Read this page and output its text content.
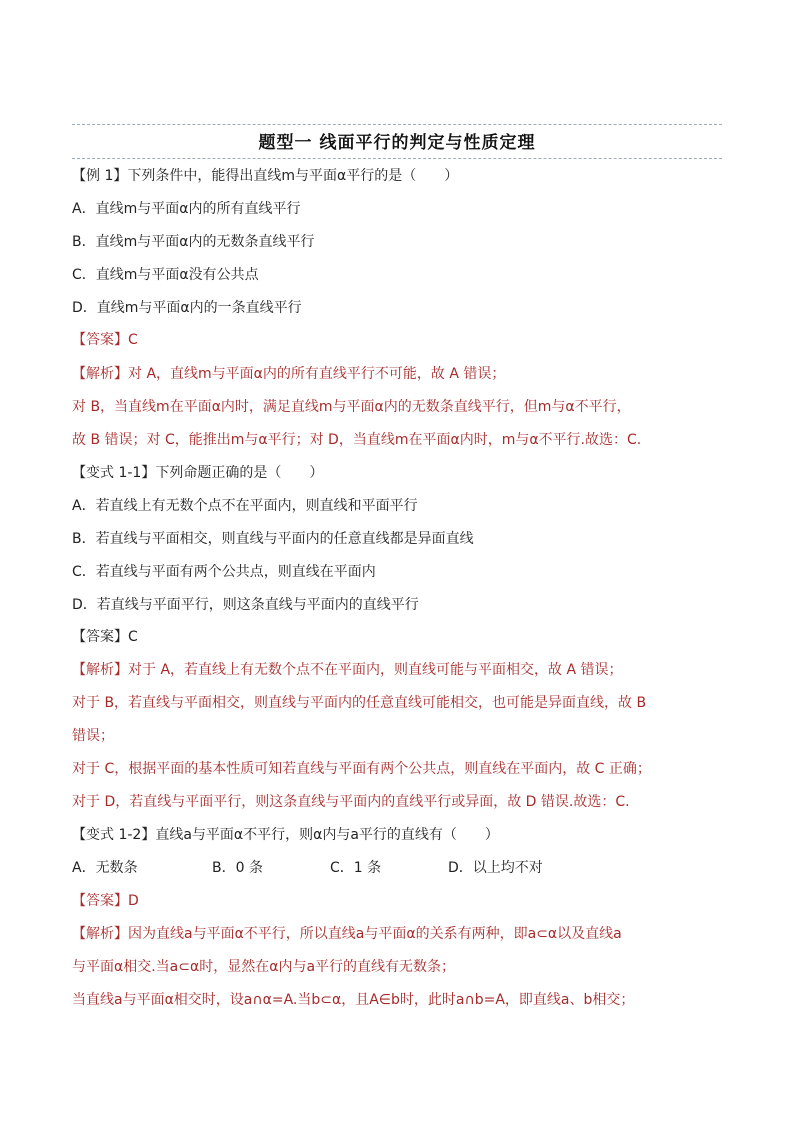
题型一 线面平行的判定与性质定理
【例 1】下列条件中，能得出直线m与平面α平行的是（　　）
A．直线m与平面α内的所有直线平行
B．直线m与平面α内的无数条直线平行
C．直线m与平面α没有公共点
D．直线m与平面α内的一条直线平行
【答案】C
【解析】对 A，直线m与平面α内的所有直线平行不可能，故 A 错误；
对 B，当直线m在平面α内时，满足直线m与平面α内的无数条直线平行，但m与α不平行，
故 B 错误；对 C，能推出m与α平行；对 D，当直线m在平面α内时，m与α不平行.故选：C.
【变式 1-1】下列命题正确的是（　　）
A．若直线上有无数个点不在平面内，则直线和平面平行
B．若直线与平面相交，则直线与平面内的任意直线都是异面直线
C．若直线与平面有两个公共点，则直线在平面内
D．若直线与平面平行，则这条直线与平面内的直线平行
【答案】C
【解析】对于 A，若直线上有无数个点不在平面内，则直线可能与平面相交，故 A 错误；
对于 B，若直线与平面相交，则直线与平面内的任意直线可能相交，也可能是异面直线，故 B
错误；
对于 C，根据平面的基本性质可知若直线与平面有两个公共点，则直线在平面内，故 C 正确；
对于 D，若直线与平面平行，则这条直线与平面内的直线平行或异面，故 D 错误.故选：C.
【变式 1-2】直线a与平面α不平行，则α内与a平行的直线有（　　）
A．无数条	B．0 条	C．1 条	D．以上均不对
【答案】D
【解析】因为直线a与平面α不平行，所以直线a与平面α的关系有两种，即a⊂α以及直线a
与平面α相交.当a⊂α时，显然在α内与a平行的直线有无数条；
当直线a与平面α相交时，设a∩α=A.当b⊂α，且A∈b时，此时a∩b=A，即直线a、b相交；
